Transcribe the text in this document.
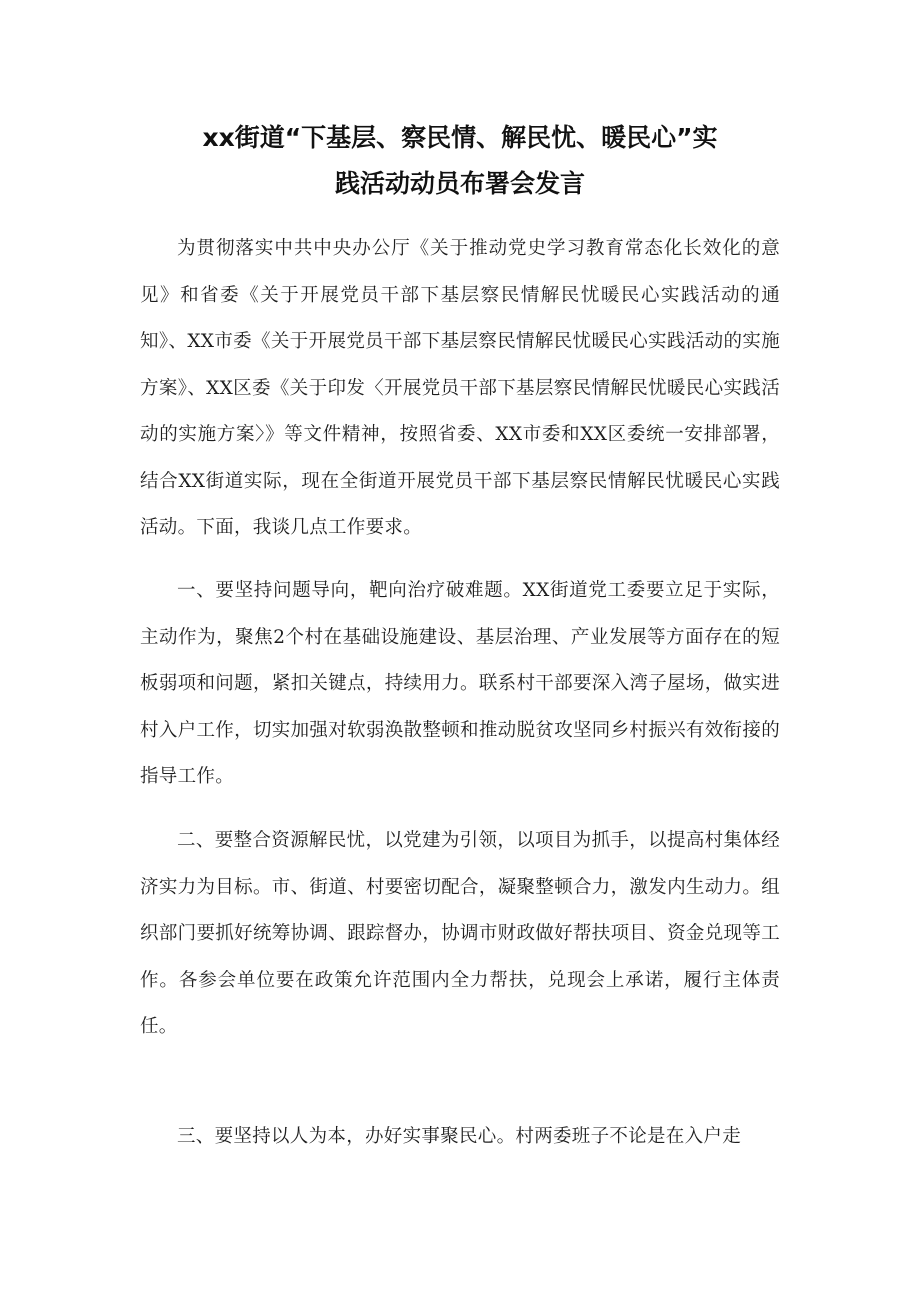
xx街道“下基层、察民情、解民忧、暖民心”实
践活动动员布署会发言

为贯彻落实中共中央办公厅《关于推动党史学习教育常态化长效化的意见》和省委《关于开展党员干部下基层察民情解民忧暖民心实践活动的通知》、XX市委《关于开展党员干部下基层察民情解民忧暖民心实践活动的实施方案》、XX区委《关于印发〈开展党员干部下基层察民情解民忧暖民心实践活动的实施方案〉》等文件精神，按照省委、XX市委和XX区委统一安排部署，结合XX街道实际，现在全街道开展党员干部下基层察民情解民忧暖民心实践活动。下面，我谈几点工作要求。

一、要坚持问题导向，靶向治疗破难题。XX街道党工委要立足于实际，主动作为，聚焦2个村在基础设施建设、基层治理、产业发展等方面存在的短板弱项和问题，紧扣关键点，持续用力。联系村干部要深入湾子屋场，做实进村入户工作，切实加强对软弱涣散整顿和推动脱贫攻坚同乡村振兴有效衔接的指导工作。

二、要整合资源解民忧，以党建为引领，以项目为抓手，以提高村集体经济实力为目标。市、街道、村要密切配合，凝聚整顿合力，激发内生动力。组织部门要抓好统筹协调、跟踪督办，协调市财政做好帮扶项目、资金兑现等工作。各参会单位要在政策允许范围内全力帮扶，兑现会上承诺，履行主体责任。

三、要坚持以人为本，办好实事聚民心。村两委班子不论是在入户走
